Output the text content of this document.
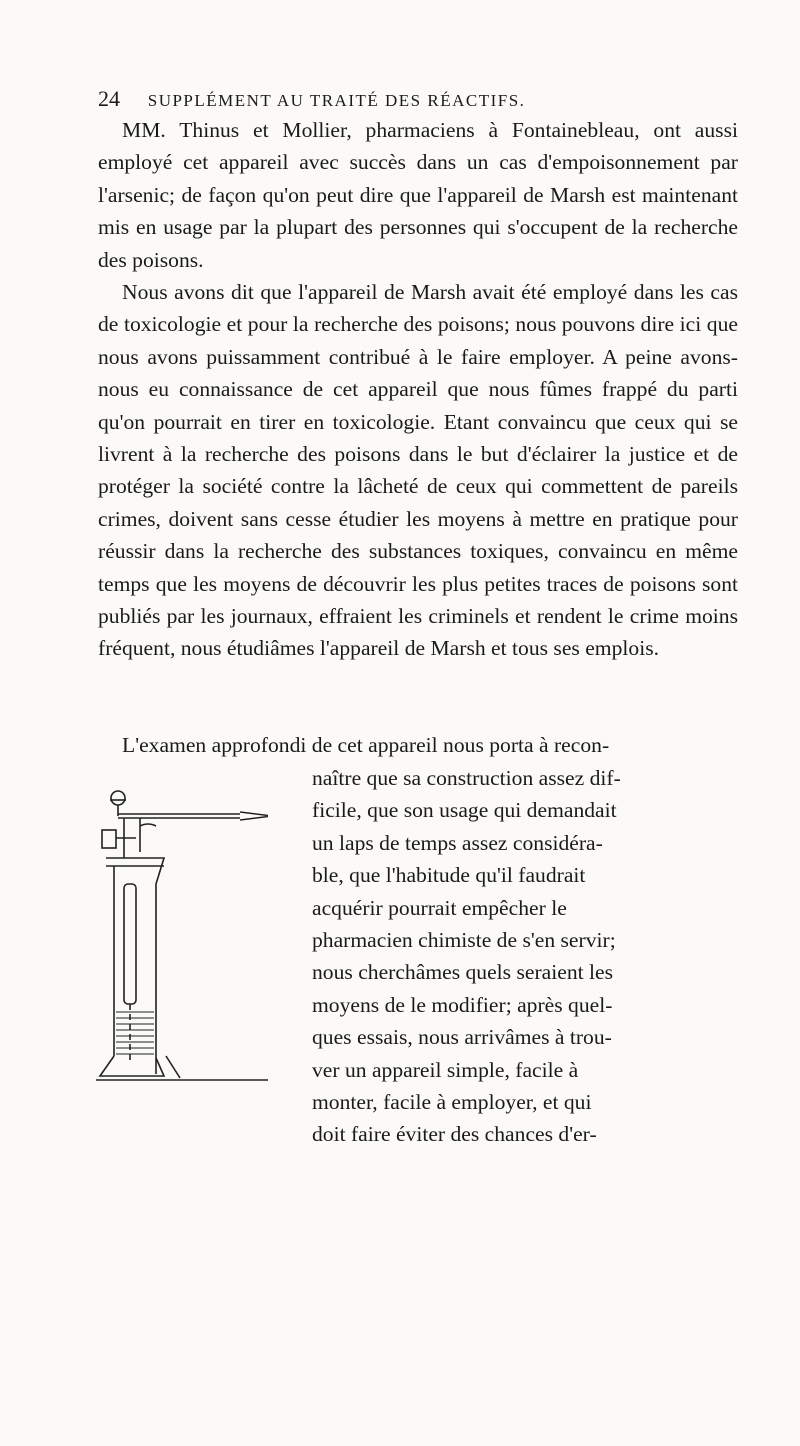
24 SUPPLÉMENT AU TRAITÉ DES RÉACTIFS.

MM. Thinus et Mollier, pharmaciens à Fontainebleau, ont aussi employé cet appareil avec succès dans un cas d'empoisonnement par l'arsenic; de façon qu'on peut dire que l'appareil de Marsh est maintenant mis en usage par la plupart des personnes qui s'occupent de la recherche des poisons.

Nous avons dit que l'appareil de Marsh avait été employé dans les cas de toxicologie et pour la recherche des poisons; nous pouvons dire ici que nous avons puissamment contribué à le faire employer. A peine avons-nous eu connaissance de cet appareil que nous fûmes frappé du parti qu'on pourrait en tirer en toxicologie. Etant convaincu que ceux qui se livrent à la recherche des poisons dans le but d'éclairer la justice et de protéger la société contre la lâcheté de ceux qui commettent de pareils crimes, doivent sans cesse étudier les moyens à mettre en pratique pour réussir dans la recherche des substances toxiques, convaincu en même temps que les moyens de découvrir les plus petites traces de poisons sont publiés par les journaux, effraient les criminels et rendent le crime moins fréquent, nous étudiâmes l'appareil de Marsh et tous ses emplois.

L'examen approfondi de cet appareil nous porta à recon-

naître que sa construction assez dif-
ficile, que son usage qui demandait
un laps de temps assez considéra-
ble, que l'habitude qu'il faudrait
acquérir pourrait empêcher le
pharmacien chimiste de s'en servir;
nous cherchâmes quels seraient les
moyens de le modifier; après quel-
ques essais, nous arrivâmes à trou-
ver un appareil simple, facile à
monter, facile à employer, et qui
doit faire éviter des chances d'er-
